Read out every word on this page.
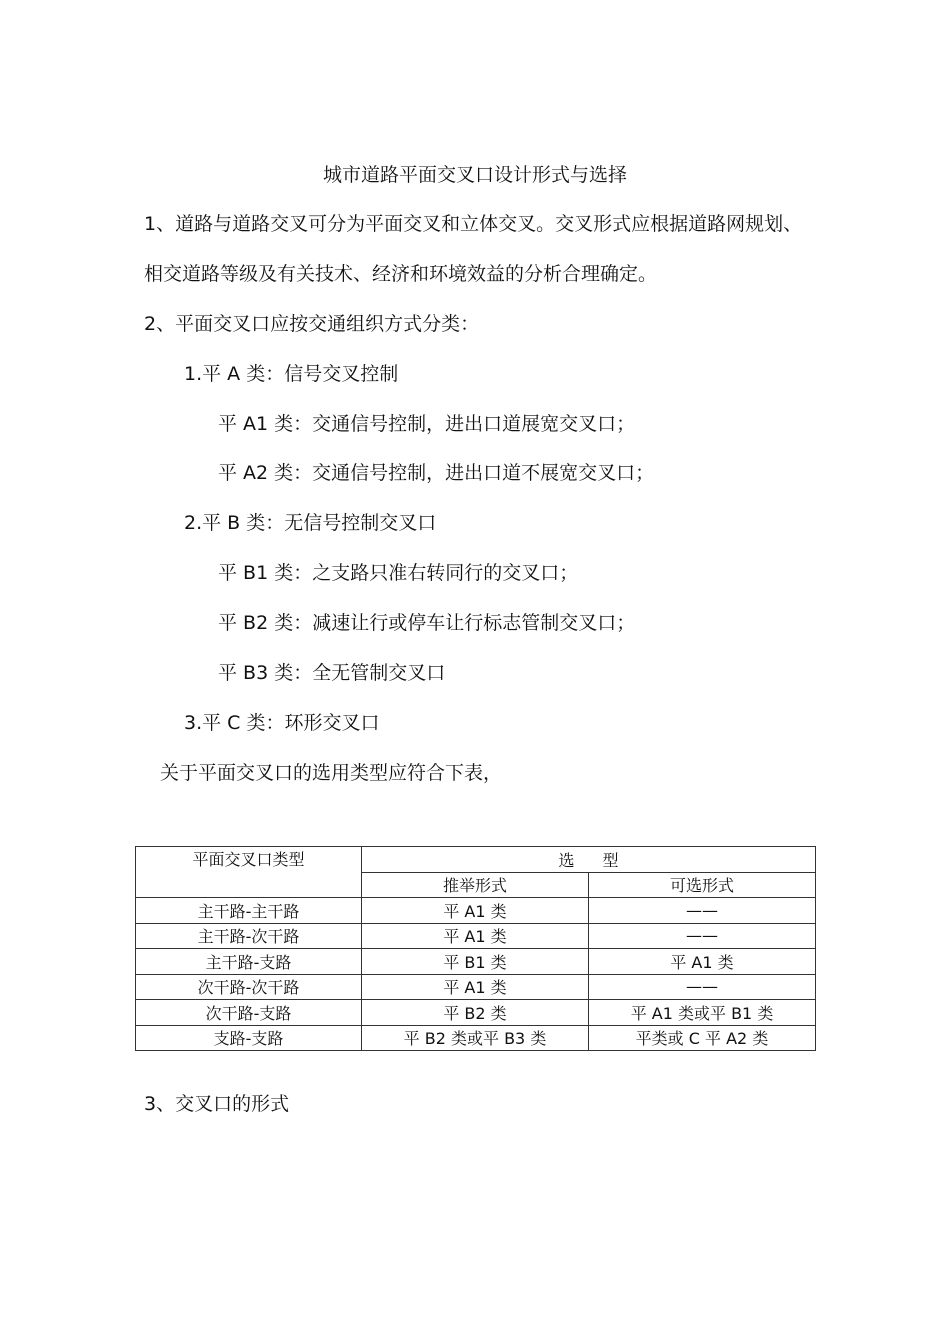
城市道路平面交叉口设计形式与选择
1、道路与道路交叉可分为平面交叉和立体交叉。交叉形式应根据道路网规划、
相交道路等级及有关技术、经济和环境效益的分析合理确定。
2、平面交叉口应按交通组织方式分类：
1.平 A 类：信号交叉控制
平 A1 类：交通信号控制，进出口道展宽交叉口；
平 A2 类：交通信号控制，进出口道不展宽交叉口；
2.平 B 类：无信号控制交叉口
平 B1 类：之支路只准右转同行的交叉口；
平 B2 类：减速让行或停车让行标志管制交叉口；
平 B3 类：全无管制交叉口
3.平 C 类：环形交叉口
关于平面交叉口的选用类型应符合下表，
平面交叉口类型	选型	
	推举形式	可选形式
主干路-主干路	平 A1 类	——
主干路-次干路	平 A1 类	——
主干路-支路	平 B1 类	平 A1 类
次干路-次干路	平 A1 类	——
次干路-支路	平 B2 类	平 A1 类或平 B1 类
支路-支路	平 B2 类或平 B3 类	平类或 C 平 A2 类
3、交叉口的形式
